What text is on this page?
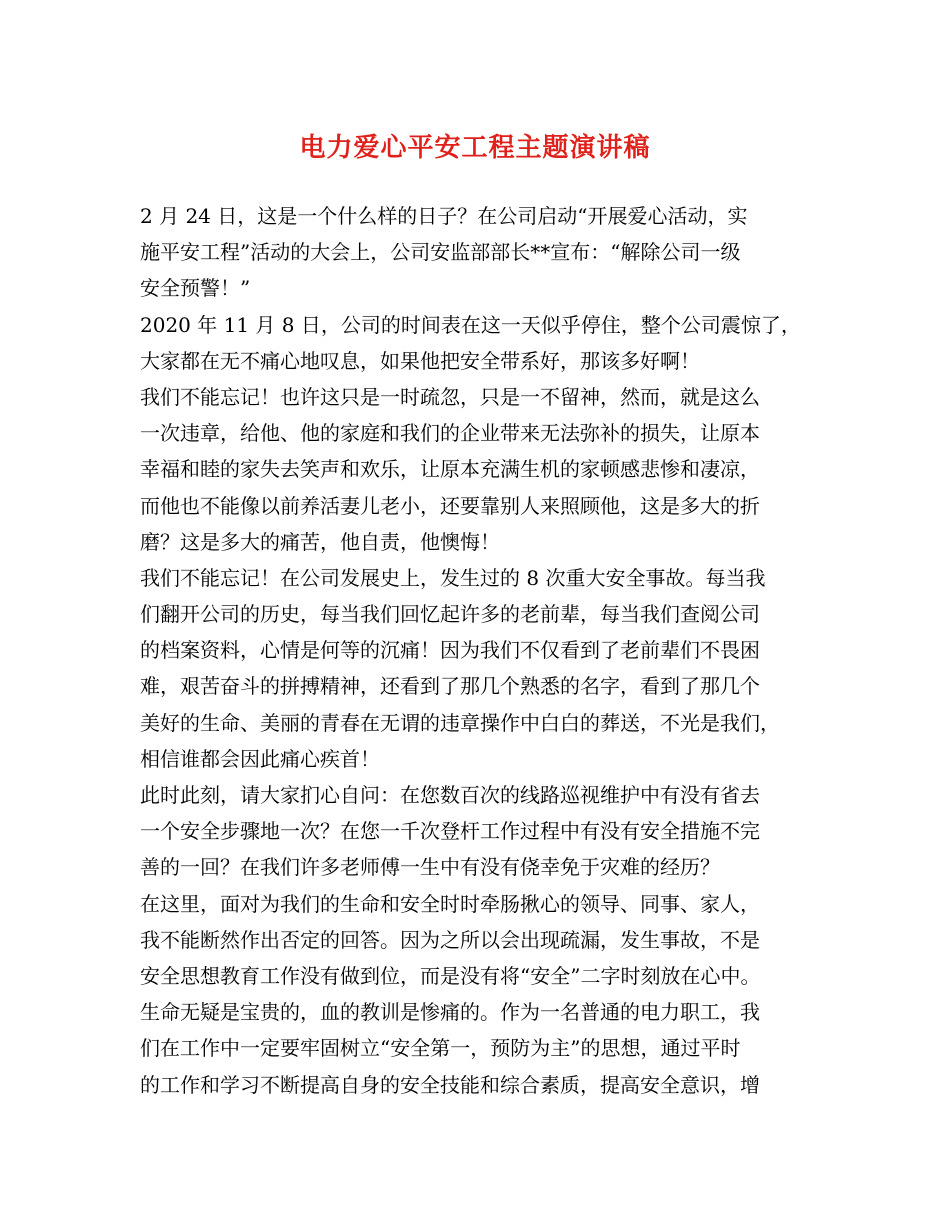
电力爱心平安工程主题演讲稿
2 月 24 日，这是一个什么样的日子？在公司启动“开展爱心活动，实
施平安工程”活动的大会上，公司安监部部长**宣布：“解除公司一级
安全预警！”
2020 年 11 月 8 日，公司的时间表在这一天似乎停住，整个公司震惊了，
大家都在无不痛心地叹息，如果他把安全带系好，那该多好啊！
我们不能忘记！也许这只是一时疏忽，只是一不留神，然而，就是这么
一次违章，给他、他的家庭和我们的企业带来无法弥补的损失，让原本
幸福和睦的家失去笑声和欢乐，让原本充满生机的家顿感悲惨和凄凉，
而他也不能像以前养活妻儿老小，还要靠别人来照顾他，这是多大的折
磨？这是多大的痛苦，他自责，他懊悔！
我们不能忘记！在公司发展史上，发生过的 8 次重大安全事故。每当我
们翻开公司的历史，每当我们回忆起许多的老前辈，每当我们查阅公司
的档案资料，心情是何等的沉痛！因为我们不仅看到了老前辈们不畏困
难，艰苦奋斗的拼搏精神，还看到了那几个熟悉的名字，看到了那几个
美好的生命、美丽的青春在无谓的违章操作中白白的葬送，不光是我们，
相信谁都会因此痛心疾首！
此时此刻，请大家扪心自问：在您数百次的线路巡视维护中有没有省去
一个安全步骤地一次？在您一千次登杆工作过程中有没有安全措施不完
善的一回？在我们许多老师傅一生中有没有侥幸免于灾难的经历？
在这里，面对为我们的生命和安全时时牵肠揪心的领导、同事、家人，
我不能断然作出否定的回答。因为之所以会出现疏漏，发生事故，不是
安全思想教育工作没有做到位，而是没有将“安全”二字时刻放在心中。
生命无疑是宝贵的，血的教训是惨痛的。作为一名普通的电力职工，我
们在工作中一定要牢固树立“安全第一，预防为主”的思想，通过平时
的工作和学习不断提高自身的安全技能和综合素质，提高安全意识，增
